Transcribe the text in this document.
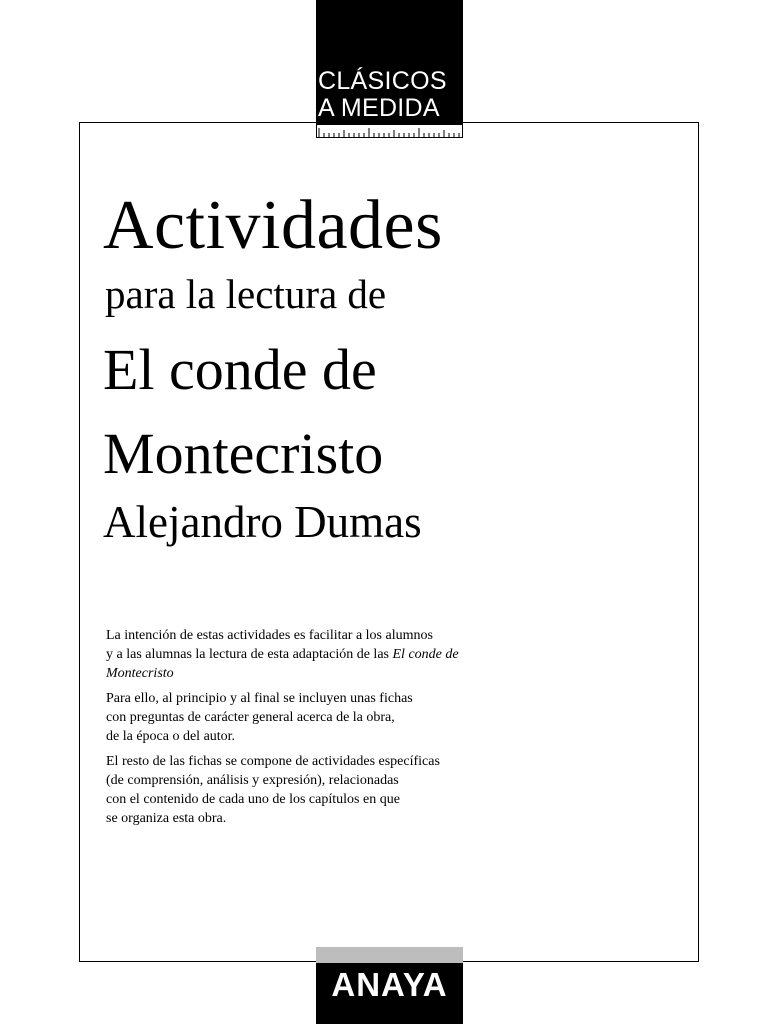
CLÁSICOS
A MEDIDA
Actividades
para la lectura de
El conde de
Montecristo
Alejandro Dumas

La intención de estas actividades es facilitar a los alumnos
y a las alumnas la lectura de esta adaptación de las El conde de
Montecristo

Para ello, al principio y al final se incluyen unas fichas
con preguntas de carácter general acerca de la obra,
de la época o del autor.

El resto de las fichas se compone de actividades específicas
(de comprensión, análisis y expresión), relacionadas
con el contenido de cada uno de los capítulos en que
se organiza esta obra.

ANAYA
